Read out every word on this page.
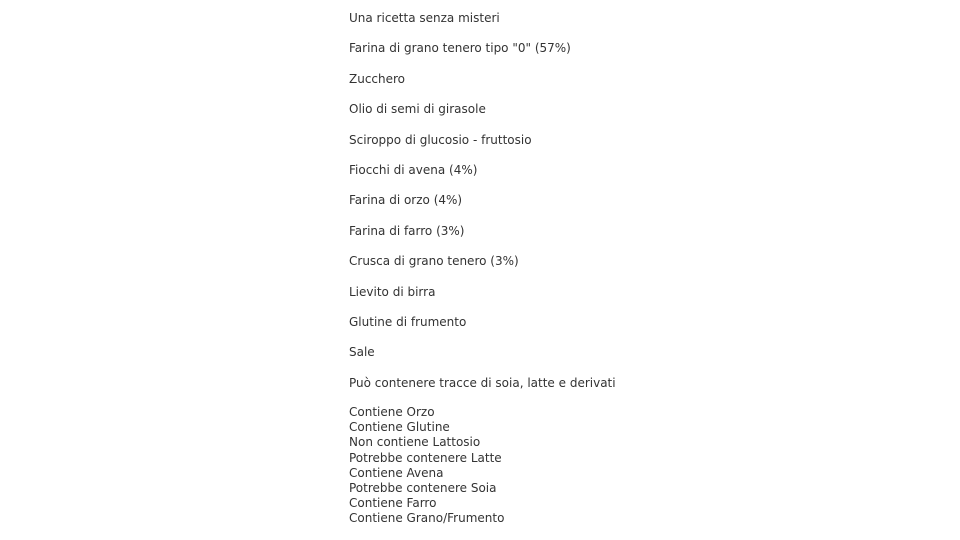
Una ricetta senza misteri

Farina di grano tenero tipo "0" (57%)

Zucchero

Olio di semi di girasole

Sciroppo di glucosio - fruttosio

Fiocchi di avena (4%)

Farina di orzo (4%)

Farina di farro (3%)

Crusca di grano tenero (3%)

Lievito di birra

Glutine di frumento

Sale

Può contenere tracce di soia, latte e derivati

Contiene Orzo
Contiene Glutine
Non contiene Lattosio
Potrebbe contenere Latte
Contiene Avena
Potrebbe contenere Soia
Contiene Farro
Contiene Grano/Frumento
